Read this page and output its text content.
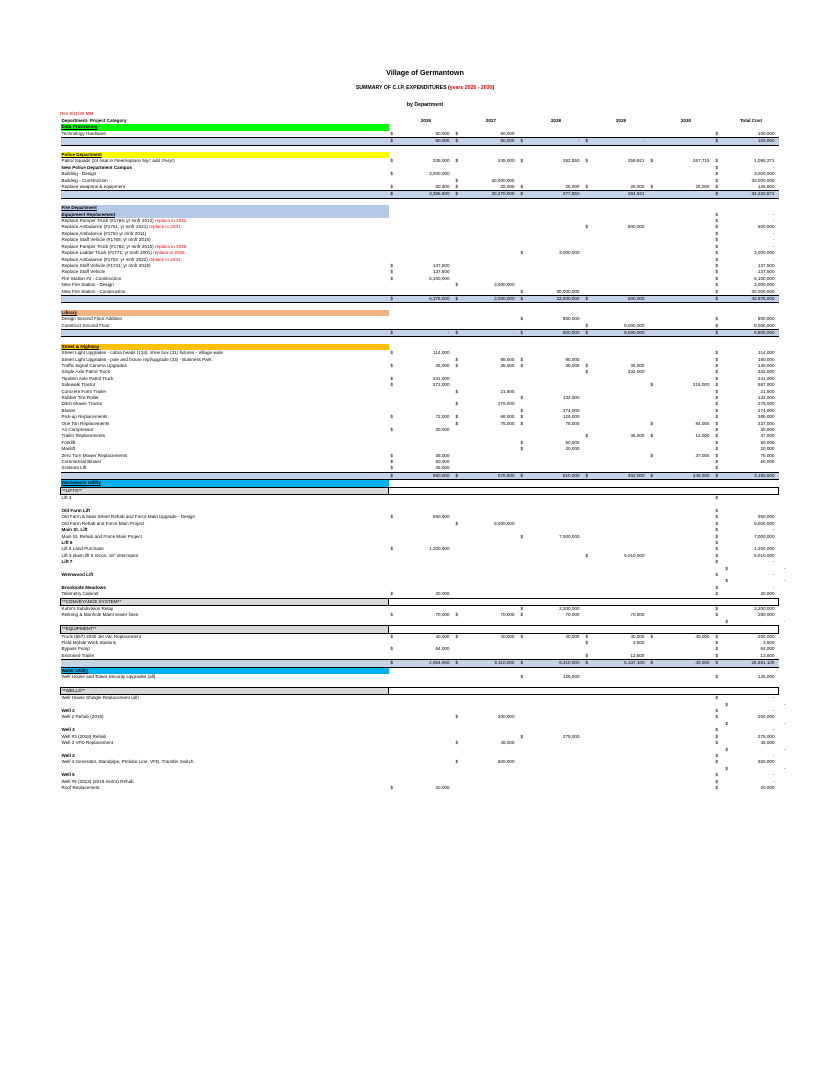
Village of Germantown
SUMMARY OF C.I.P. EXPENDITURES (years 2026 - 2030)
by Department
Rev 9/11/25 MM
Department- Project Category		2026		2027		2028		2029		2030		Total Cost	
Data Processing													
Technology Hardware	$	50,000	$	50,000							$	100,000	
	$	50,000	$	50,000	$	-	$	-			$	100,000	

Police Department													
Patrol Squads (24 total in Fleet/replace 5/yr; add 2%/yr)	$	335,000	$	245,000	$	252,550	$	259,921	$	267,715	$	1,095,271	
New Police Department Campus											$	-	
Building - Design	$	3,000,000									$	3,000,000	
Building - Construction			$	30,000,000							$	30,000,000	
Replace weapons & equipment	$	50,600	$	25,000	$	25,000	$	25,000	$	25,000	$	125,600	
	$	3,385,600	$	30,270,000	$	277,550		284,921			$	34,220,871	

Fire Department													
Equipment Replacement											$	-	
Replace Pumper Truck (#1764; yr mnfr 2012) replace in 2032											$	-	
Replace Ambulance (#1751; yr mnfr 2021) replace in 2031							$	600,000			$	600,000	
Replace Ambulance (#1754 yr mnfr 2011)											$	-	
Replace Staff Vehicle (#1765; yr mnfr 2015)											$	-	
Replace Pumper Truck (#1762; yr mnfr 2015) replace in 2035											$	-	
Replace Ladder Truck (#1771; yr mnfr 2001) replace in 2028					$	3,000,000					$	3,000,000	
Replace Ambulance (#1752; yr mnfr 2022) replace in 2034											$	-	
Replace Staff Vehicle (#1741; yr mnfr 2016)	$	137,500									$	137,500	
Replace Staff Vehicle	$	137,500									$	137,500	
Fire Station #2 - Construction	$	6,100,000									$	6,100,000	
New Fire Station - Design			$	3,000,000							$	3,000,000	
New Fire Station - Construction					$	30,000,000					$	30,000,000	
	$	6,375,000	$	3,000,000	$	33,000,000	$	600,000			$	42,975,000	

Library													
Design Second Floor Addition					$	800,000					$	800,000	
Construct Second Floor							$	8,000,000			$	8,000,000	
	$	-	$	-	$	800,000	$	8,000,000			$	8,800,000	

Street & Highway													
Street Light Upgrades - cobra heads (134), shoe box (31) fixtures - Village-wide	$	114,000									$	114,000	
Street Light Upgrades - pole and fixture repl/upgrade (33) - Business Park			$	95,000	$	95,000					$	190,000	
Traffic Signal Camera Upgrades	$	35,000	$	35,000	$	35,000	$	35,000			$	140,000	
Single Axle Patrol Truck							$	332,000			$	332,000	
Tandem Axle Patrol Truck	$	341,000									$	341,000	
Sidewalk Tractor	$	272,000							$	315,000	$	587,000	
Concrete Form Trailer			$	21,500							$	21,500	
Rubber Tire Roller					$	132,000					$	132,000	
Ditch Mower Tractor			$	276,000							$	276,000	
Blower					$	274,000					$	274,000	
Pick-up Replacements	$	72,000	$	68,000	$	126,000					$	266,000	
One Ton Replacements			$	75,000	$	78,000			$	84,000	$	237,000	
Air Compressor	$	30,000									$	30,000	
Trailer Replacements							$	35,000	$	12,000	$	47,000	
Forklift					$	50,000					$	50,000	
Manlift					$	20,000					$	20,000	
Zero Turn Mower Replacements	$	38,000							$	37,000	$	75,000	
Commercial Blower	$	50,000									$	50,000	
Scissors Lift	$	25,000									$		
	$	950,000	$	570,500	$	810,000	$	402,000	$	448,000	$	3,180,500	
Wastewater Utility													
**LIFTS**													
Lift 3											$		

Old Farm Lift											$		
Old Farm & Main Street Rehab and Force Main Upgrade - Design	$	660,000									$	660,000	
Old Farm Rehab and Force Main Project			$	9,000,000							$	9,000,000	
Main St. Lift											$	-	
Main St. Rehab and Force Main Project					$	7,000,000					$	7,000,000	
Lift 6											$	-	
Lift 6 Land Purchase	$	1,200,000									$	1,200,000	
Lift 3 elaim,lift 6 recon, 18" interceptor							$	5,010,000			$	5,010,000	
Lift 7											$	-	
												$	-
Wrenwood Lift											$	-	
												$	-
Brookside Meadows											$	-	
Telemetry Cabinet	$	20,000									$	20,000	
**CONVEYANCE SYSTEM**													
Kuhn's Subdivision Relay					$	2,200,000					$	2,200,000	
Relining & Manhole Maint sewer lines	$	70,000	$	70,000	$	70,000		70,000			$	280,000	
												$	-
**EQUIPMENT**													
Truck (557) 2030 Jet Vac Replacement	$	40,000	$	40,000	$	40,000	$	40,000	$	40,000	$	200,000	
Field Mobile Work Stations							$	3,500			$	3,500	
Bypass Pump	$	64,000									$	64,000	
Enclosed Trailer							$	13,600			$	13,600	
	$	2,054,000	$	9,110,000	$	9,310,000	$	5,137,100	$	40,000	$	25,651,100	
Water Utility													
Well House and Tower Security Upgrades (all)					$	125,000					$	125,000	

**WELLS**													
Well House Shingle Replacement (all)											$	-	
												$	-
Well 2											$	-	
Well 2 Rehab (2016)			$	200,000							$	200,000	
												$	-
Well 3											$	-	
Well #3 (2018) Rehab					$	275,000					$	275,000	
Well 3 VFD Replacement			$	45,000							$	45,000	
												$	-
Well 4											$	-	
Well 4 Generator, Standpipe, Prelube Line, VFD, Transfer Switch			$	600,000							$	600,000	
												$	-
Well 5											$	-	
Well #5 (2013) (2018 motor) Rehab											$	-	
Roof Replacement	$	20,000									$	20,000	
